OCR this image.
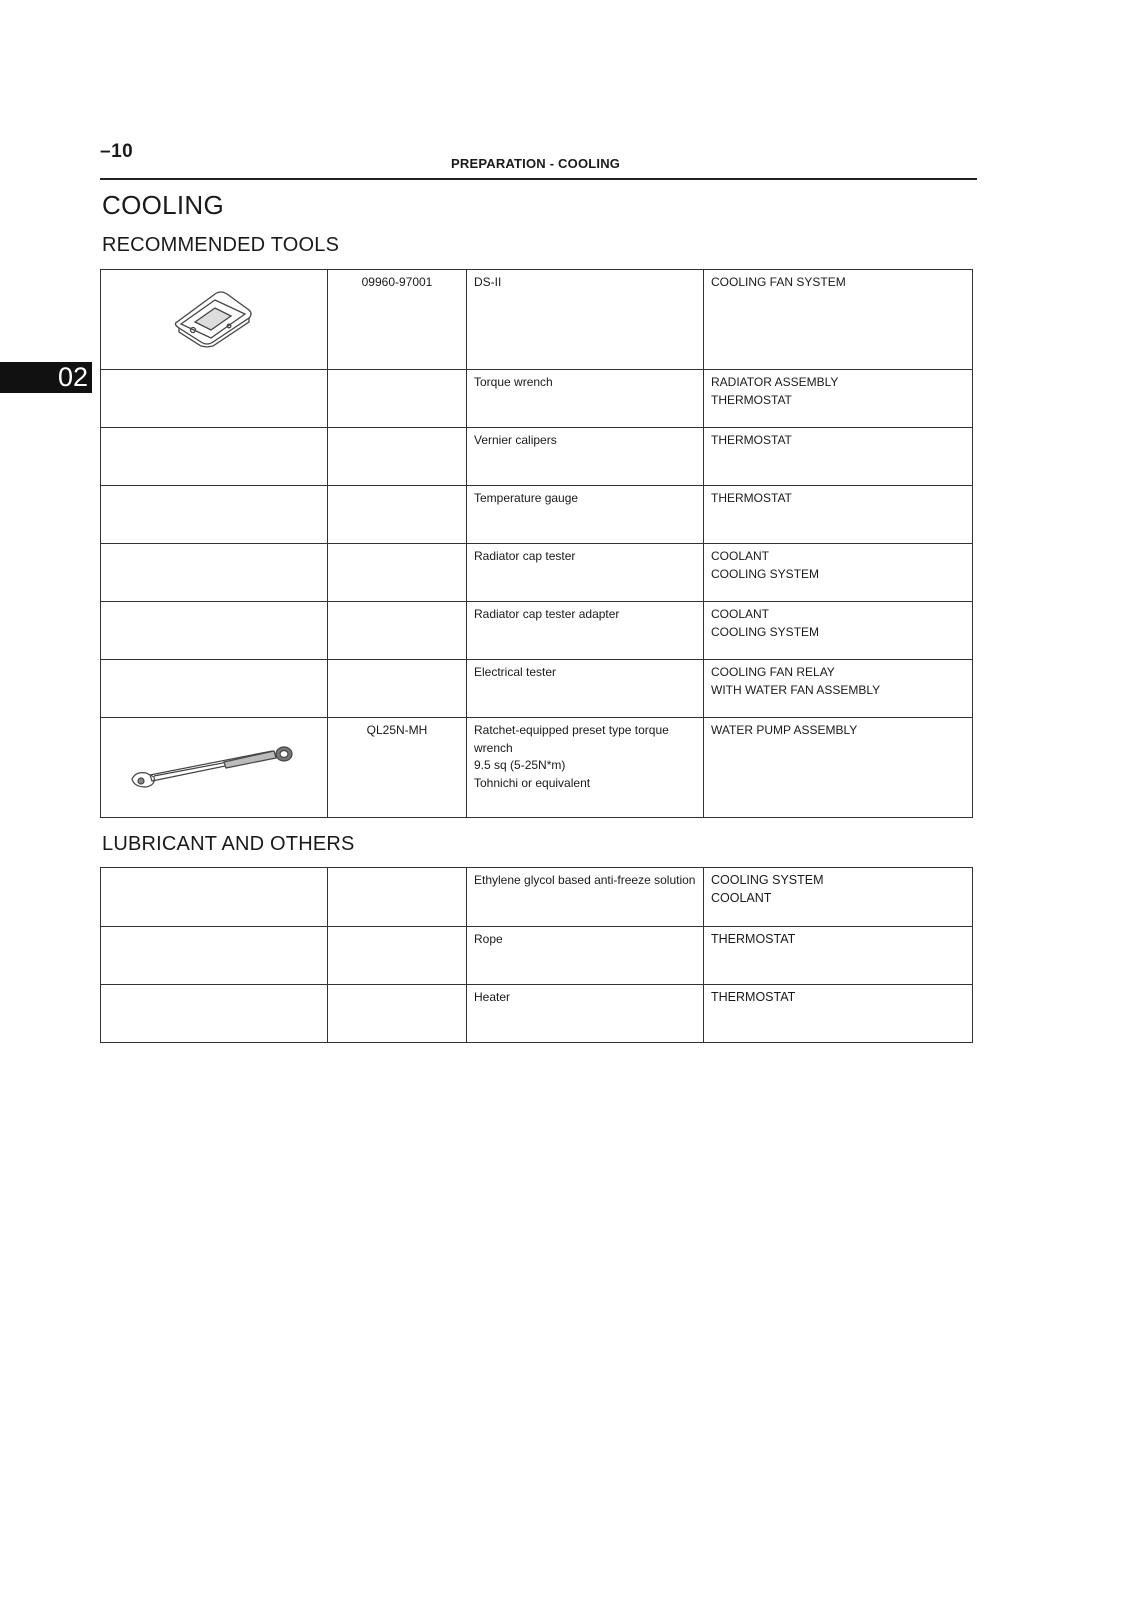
–10
PREPARATION - COOLING
02
COOLING
RECOMMENDED TOOLS
	09960-97001	DS-II	COOLING FAN SYSTEM

		Torque wrench	RADIATOR ASSEMBLY
THERMOSTAT

		Vernier calipers	THERMOSTAT

		Temperature gauge	THERMOSTAT

		Radiator cap tester	COOLANT
COOLING SYSTEM

		Radiator cap tester adapter	COOLANT
COOLING SYSTEM

		Electrical tester	COOLING FAN RELAY
WITH WATER FAN ASSEMBLY

	QL25N-MH	Ratchet-equipped preset type torque
wrench
9.5 sq (5-25N*m)
Tohnichi or equivalent	WATER PUMP ASSEMBLY
LUBRICANT AND OTHERS

		Ethylene glycol based anti-freeze solution	COOLING SYSTEM
COOLANT

		Rope	THERMOSTAT

		Heater	THERMOSTAT
